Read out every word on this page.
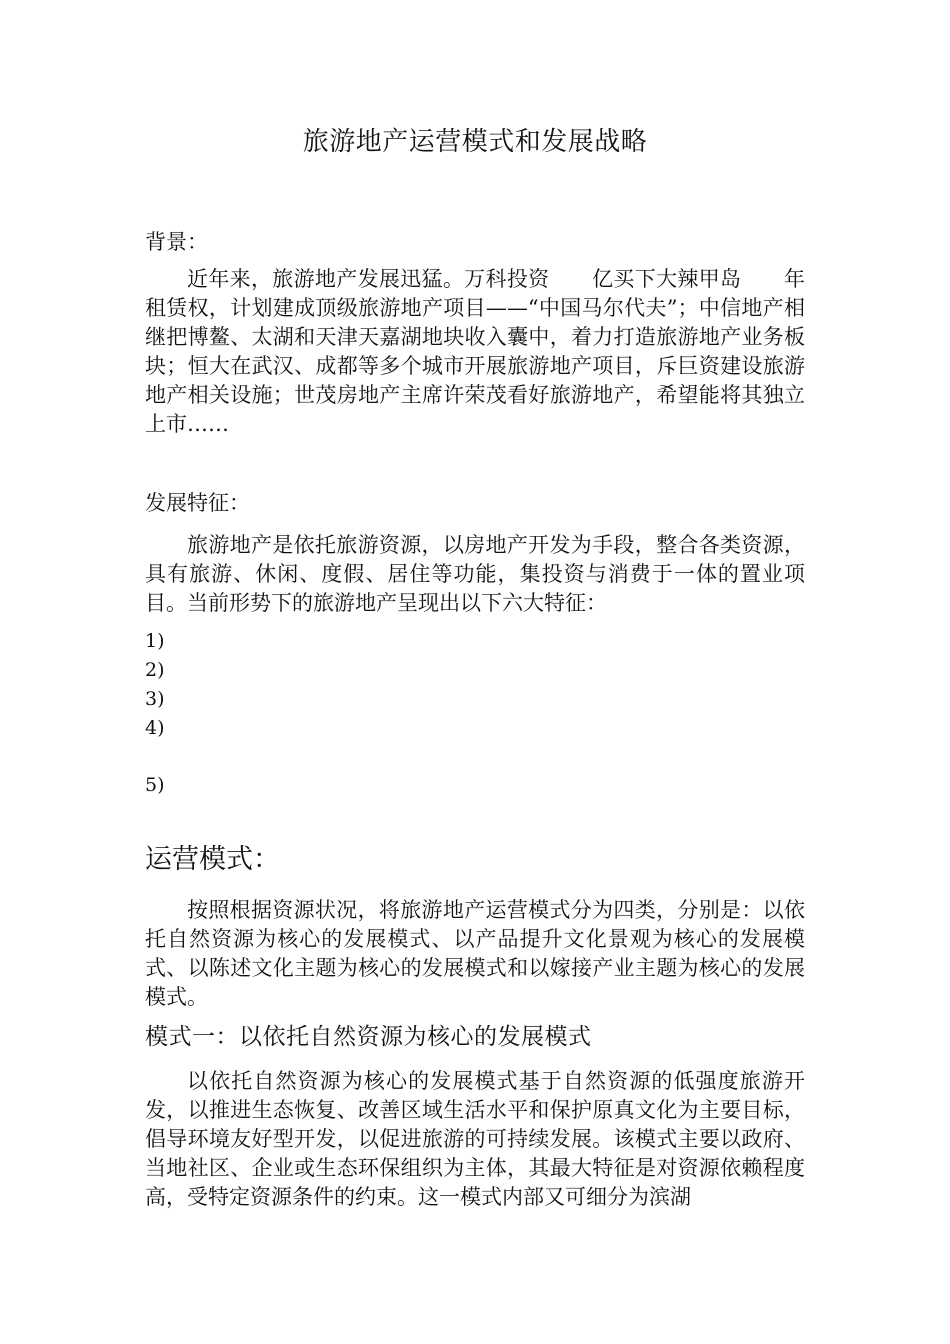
旅游地产运营模式和发展战略
背景：

近年来，旅游地产发展迅猛。万科投资　　亿买下大辣甲岛　　年租赁权，计划建成顶级旅游地产项目——“中国马尔代夫”；中信地产相继把博鳌、太湖和天津天嘉湖地块收入囊中，着力打造旅游地产业务板块；恒大在武汉、成都等多个城市开展旅游地产项目，斥巨资建设旅游地产相关设施；世茂房地产主席许荣茂看好旅游地产，希望能将其独立上市……

发展特征：

旅游地产是依托旅游资源，以房地产开发为手段，整合各类资源，具有旅游、休闲、度假、居住等功能，集投资与消费于一体的置业项目。当前形势下的旅游地产呈现出以下六大特征：

1)
2)
3)
4)
5)
运营模式：

按照根据资源状况，将旅游地产运营模式分为四类，分别是：以依托自然资源为核心的发展模式、以产品提升文化景观为核心的发展模式、以陈述文化主题为核心的发展模式和以嫁接产业主题为核心的发展模式。

模式一：以依托自然资源为核心的发展模式

以依托自然资源为核心的发展模式基于自然资源的低强度旅游开发，以推进生态恢复、改善区域生活水平和保护原真文化为主要目标，倡导环境友好型开发，以促进旅游的可持续发展。该模式主要以政府、当地社区、企业或生态环保组织为主体，其最大特征是对资源依赖程度高，受特定资源条件的约束。这一模式内部又可细分为滨湖
